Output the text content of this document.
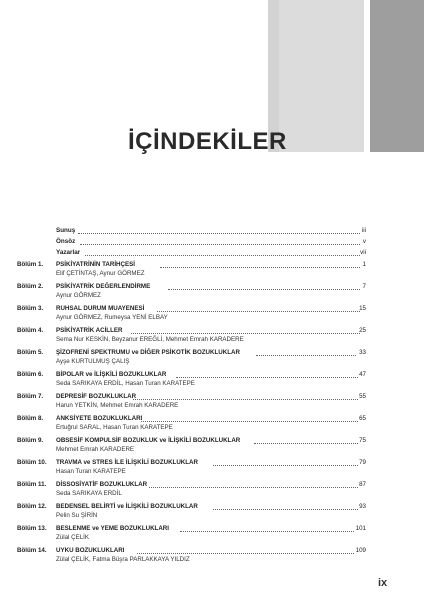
İÇİNDEKİLER
Sunuş	iii
Önsöz	v
Yazarlar	vii
Bölüm 1. PSİKİYATRİNİN TARİHÇESİ	1
Elif ÇETİNTAŞ, Aynur GÖRMEZ
Bölüm 2. PSİKİYATRİK DEĞERLENDİRME	7
Aynur GÖRMEZ
Bölüm 3. RUHSAL DURUM MUAYENESİ	15
Aynur GÖRMEZ, Rumeysa YENİ ELBAY
Bölüm 4. PSİKİYATRİK ACİLLER	25
Sema Nur KESKİN, Beyzanur EREĞLİ, Mehmet Emrah KARADERE
Bölüm 5. ŞİZOFRENİ SPEKTRUMU ve DİĞER PSİKOTİK BOZUKLUKLAR	33
Ayşe KURTULMUŞ ÇALIŞ
Bölüm 6. BİPOLAR ve İLİŞKİLİ BOZUKLUKLAR	47
Seda SARIKAYA ERDİL, Hasan Turan KARATEPE
Bölüm 7. DEPRESİF BOZUKLUKLAR	55
Harun YETKİN, Mehmet Emrah KARADERE
Bölüm 8. ANKSİYETE BOZUKLUKLARI	65
Ertuğrul SARAL, Hasan Turan KARATEPE
Bölüm 9. OBSESİF KOMPULSİF BOZUKLUK ve İLİŞKİLİ BOZUKLUKLAR	75
Mehmet Emrah KARADERE
Bölüm 10. TRAVMA ve STRES İLE İLİŞKİLİ BOZUKLUKLAR	79
Hasan Turan KARATEPE
Bölüm 11. DİSSOSİYATİF BOZUKLUKLAR	87
Seda SARIKAYA ERDİL
Bölüm 12. BEDENSEL BELİRTİ ve İLİŞKİLİ BOZUKLUKLAR	93
Pelin Su ŞİRİN
Bölüm 13. BESLENME ve YEME BOZUKLUKLARI	101
Zülal ÇELİK
Bölüm 14. UYKU BOZUKLUKLARI	109
Zülal ÇELİK, Fatma Büşra PARLAKKAYA YILDIZ
ix
